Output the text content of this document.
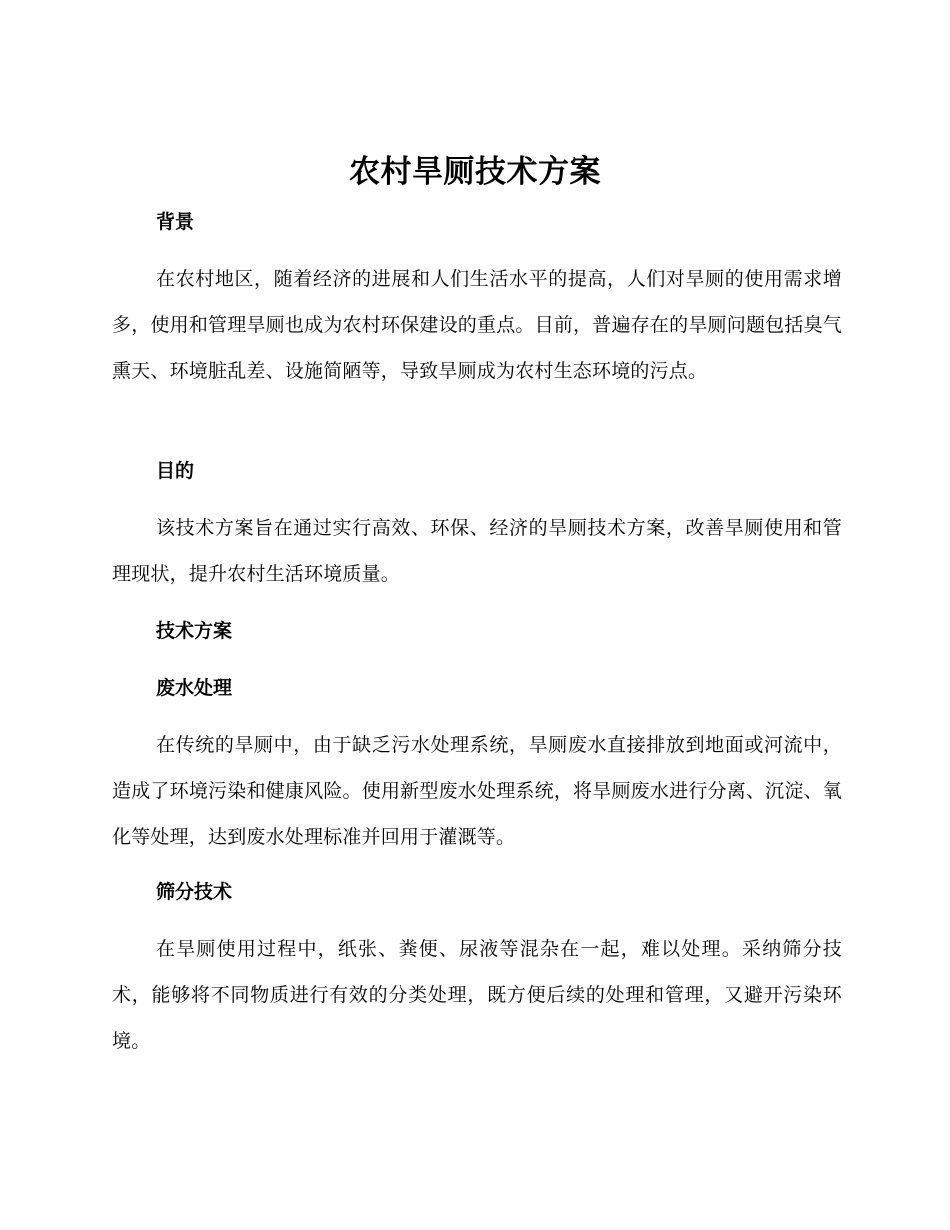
农村旱厕技术方案
背景

在农村地区，随着经济的进展和人们生活水平的提高，人们对旱厕的使用需求增多，使用和管理旱厕也成为农村环保建设的重点。目前，普遍存在的旱厕问题包括臭气熏天、环境脏乱差、设施简陋等，导致旱厕成为农村生态环境的污点。

目的

该技术方案旨在通过实行高效、环保、经济的旱厕技术方案，改善旱厕使用和管理现状，提升农村生活环境质量。

技术方案
废水处理

在传统的旱厕中，由于缺乏污水处理系统，旱厕废水直接排放到地面或河流中，造成了环境污染和健康风险。使用新型废水处理系统，将旱厕废水进行分离、沉淀、氧化等处理，达到废水处理标准并回用于灌溉等。

筛分技术

在旱厕使用过程中，纸张、粪便、尿液等混杂在一起，难以处理。采纳筛分技术，能够将不同物质进行有效的分类处理，既方便后续的处理和管理，又避开污染环境。
